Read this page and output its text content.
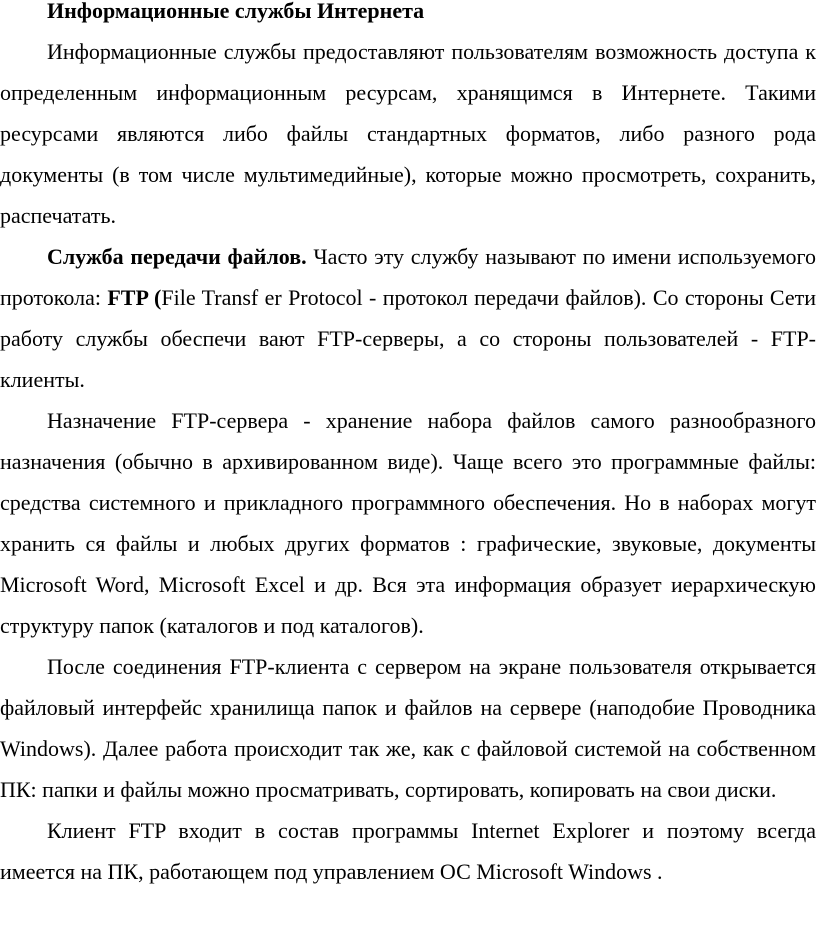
Информационные службы Интернета

Информационные службы предоставляют пользователям возможность доступа к определенным информационным ресурсам, хранящимся в Интернете. Такими ресурсами являются либо файлы стандартных форматов, либо разного рода документы (в том числе мультимедийные), которые можно просмотреть, сохранить, распечатать.

Служба передачи файлов. Часто эту службу называют по имени используемого протокола: FTP (File Transf er Protocol - протокол передачи файлов). Со стороны Сети работу службы обеспечи вают FTP-серверы, а со стороны пользователей - FTP-клиенты.

Назначение FTP-сервера - хранение набора файлов самого разнообразного назначения (обычно в архивированном виде). Чаще всего это программные файлы: средства системного и прикладного программного обеспечения. Но в наборах могут хранить ся файлы и любых других форматов : графические, звуковые, документы Microsoft Word, Microsoft Excel и др. Вся эта информация образует иерархическую структуру папок (каталогов и под каталогов).

После соединения FTP-клиента с сервером на экране пользователя открывается файловый интерфейс хранилища папок и файлов на сервере (наподобие Проводника Windows). Далее работа происходит так же, как с файловой системой на собственном ПК: папки и файлы можно просматривать, сортировать, копировать на свои диски.

Клиент FTP входит в состав программы Internet Explorer и поэтому всегда имеется на ПК, работающем под управлением ОС Microsoft Windows .
